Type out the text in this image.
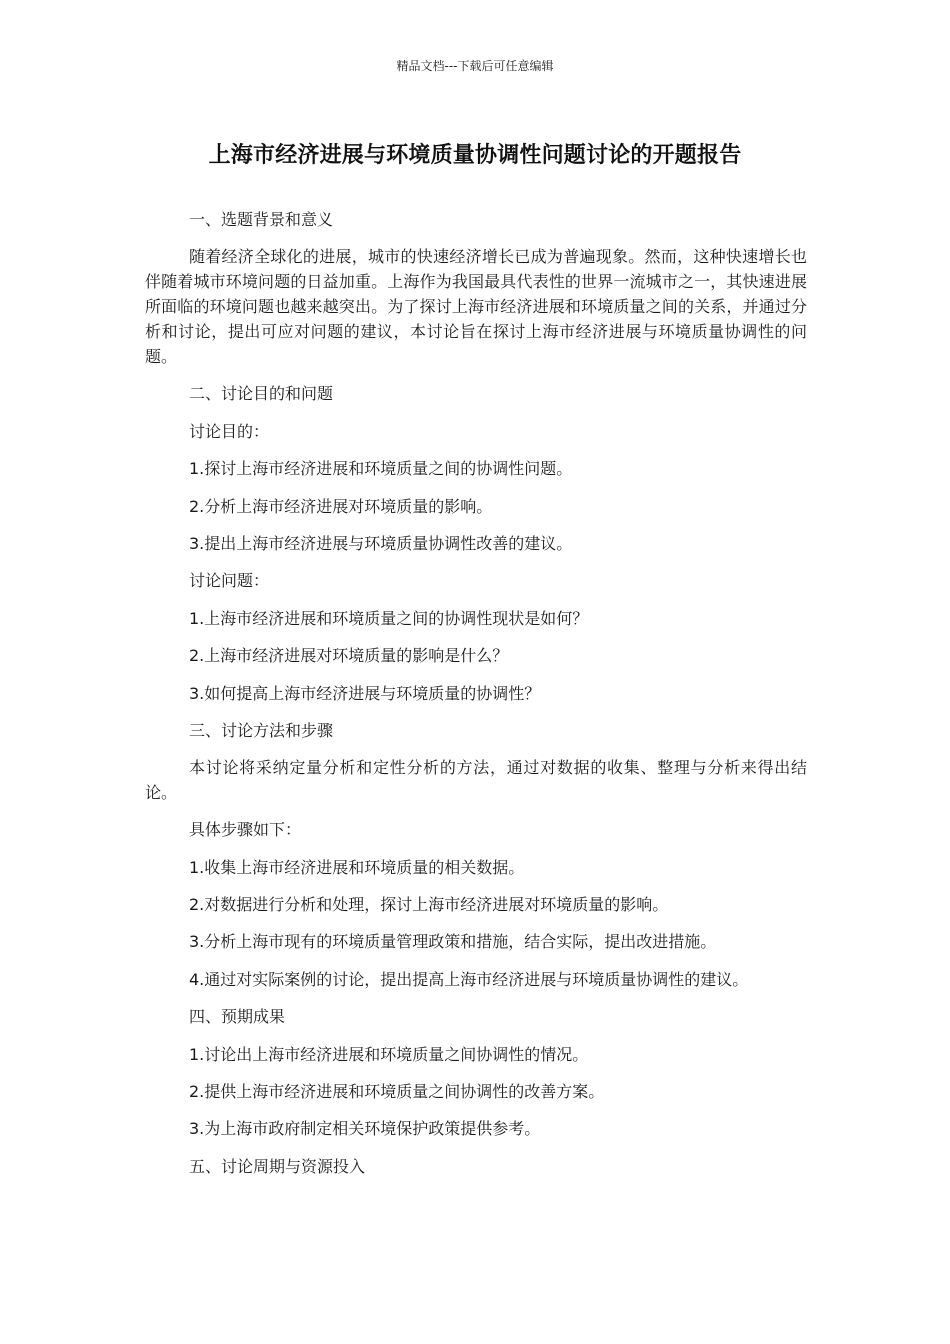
精品文档---下载后可任意编辑
上海市经济进展与环境质量协调性问题讨论的开题报告
一、选题背景和意义
随着经济全球化的进展，城市的快速经济增长已成为普遍现象。然而，这种快速增长也伴随着城市环境问题的日益加重。上海作为我国最具代表性的世界一流城市之一，其快速进展所面临的环境问题也越来越突出。为了探讨上海市经济进展和环境质量之间的关系，并通过分析和讨论，提出可应对问题的建议，本讨论旨在探讨上海市经济进展与环境质量协调性的问题。
二、讨论目的和问题
讨论目的：
1.探讨上海市经济进展和环境质量之间的协调性问题。
2.分析上海市经济进展对环境质量的影响。
3.提出上海市经济进展与环境质量协调性改善的建议。
讨论问题：
1.上海市经济进展和环境质量之间的协调性现状是如何？
2.上海市经济进展对环境质量的影响是什么？
3.如何提高上海市经济进展与环境质量的协调性？
三、讨论方法和步骤
本讨论将采纳定量分析和定性分析的方法，通过对数据的收集、整理与分析来得出结论。
具体步骤如下：
1.收集上海市经济进展和环境质量的相关数据。
2.对数据进行分析和处理，探讨上海市经济进展对环境质量的影响。
3.分析上海市现有的环境质量管理政策和措施，结合实际，提出改进措施。
4.通过对实际案例的讨论，提出提高上海市经济进展与环境质量协调性的建议。
四、预期成果
1.讨论出上海市经济进展和环境质量之间协调性的情况。
2.提供上海市经济进展和环境质量之间协调性的改善方案。
3.为上海市政府制定相关环境保护政策提供参考。
五、讨论周期与资源投入
